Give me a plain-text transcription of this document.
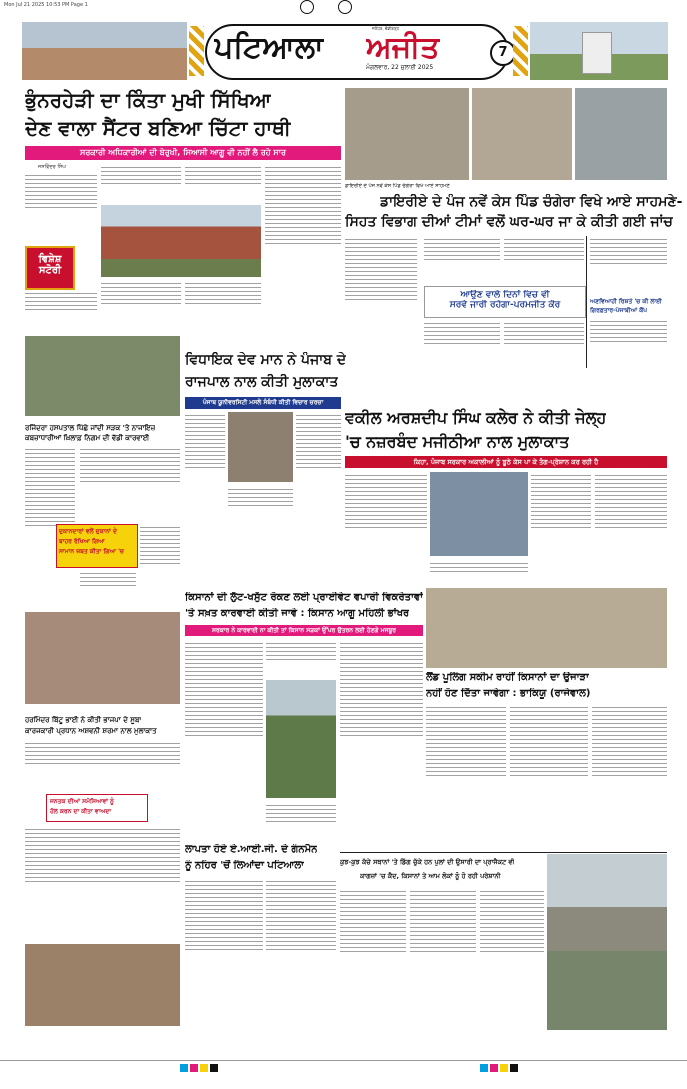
Mon Jul 21 2025 10:53 PM Page 1
ਪਟਿਆਲਾ ਅਜੀਤ
ਜਲੰਧਰ, ਚੰਡੀਗੜ੍ਹ
ਮੰਗਲਵਾਰ, 22 ਜੁਲਾਈ 2025
7
ਭੁੰਨਰਹੇੜੀ ਦਾ ਕਿੰਤਾ ਮੁਖੀ ਸਿੱਖਿਆ
ਦੇਣ ਵਾਲਾ ਸੈਂਟਰ ਬਣਿਆ ਚਿੱਟਾ ਹਾਥੀ
ਸਰਕਾਰੀ ਅਧਿਕਾਰੀਆਂ ਦੀ ਬੇਰੁਖੀ, ਸਿਆਸੀ ਆਗੂ ਵੀ ਨਹੀਂ ਲੈ ਰਹੇ ਸਾਰ
ਜਸਵਿੰਦਰ ਸਿੰਘ
ਵਿਸ਼ੇਸ਼
ਸਟੋਰੀ
ਡਾਇਰੀਏ ਦੇ ਪੰਜ ਨਵੇਂ ਕੇਸ ਪਿੰਡ ਚੰਗੇਰਾ ਵਿਖੇ ਆਏ ਸਾਹਮਣੇ
ਡਾਇਰੀਏ ਦੇ ਪੰਜ ਨਵੇਂ ਕੇਸ ਪਿੰਡ ਚੰਗੇਰਾ ਵਿਖੇ ਆਏ ਸਾਹਮਣੇ-
ਸਿਹਤ ਵਿਭਾਗ ਦੀਆਂ ਟੀਮਾਂ ਵਲੋਂ ਘਰ-ਘਰ ਜਾ ਕੇ ਕੀਤੀ ਗਈ ਜਾਂਚ
ਆਉਣ ਵਾਲੇ ਦਿਨਾਂ ਵਿਚ ਵੀ
ਸਰਵੇ ਜਾਰੀ ਰਹੇਗਾ-ਪਰਮਜੀਤ ਕੌਰ	ਅਣਵਿਆਹੀ ਰਿਸ਼ਤੇ 'ਚ ਕੀ ਲਾਈ
ਗਿਰਫ਼ਤਾਰ-ਪੰਜਾਬੀਆਂ ਕੈਂਪ
ਵਿਧਾਇਕ ਦੇਵ ਮਾਨ ਨੇ ਪੰਜਾਬ ਦੇ
ਰਾਜਪਾਲ ਨਾਲ ਕੀਤੀ ਮੁਲਾਕਾਤ
ਪੰਜਾਬ ਯੂਨੀਵਰਸਿਟੀ ਮਸਲੇ ਸੰਬੰਧੀ ਕੀਤੀ ਵਿਚਾਰ ਚਰਚਾ
ਰਜਿੰਦਰਾ ਹਸਪਤਾਲ ਪਿੱਛੇ ਜਾਂਦੀ ਸੜਕ 'ਤੇ ਨਾਜਾਇਜ਼
ਕਬਜ਼ਾਧਾਰੀਆਂ ਖ਼ਿਲਾਫ਼ ਨਿਗਮ ਦੀ ਵੱਡੀ ਕਾਰਵਾਈ
ਦੁਕਾਨਦਾਰਾਂ ਵਲੋਂ ਦੁਕਾਨਾਂ ਦੇ
ਬਾਹਰ ਰੱਖਿਆ ਗਿਆ
ਸਾਮਾਨ ਜ਼ਬਤ ਕੀਤਾ ਗਿਆ 'ਚ
ਵਕੀਲ ਅਰਸ਼ਦੀਪ ਸਿੰਘ ਕਲੇਰ ਨੇ ਕੀਤੀ ਜੇਲ੍ਹ
'ਚ ਨਜ਼ਰਬੰਦ ਮਜੀਠੀਆ ਨਾਲ ਮੁਲਾਕਾਤ
ਕਿਹਾ, ਪੰਜਾਬ ਸਰਕਾਰ ਅਕਾਲੀਆਂ ਨੂੰ ਝੂਠੇ ਕੇਸ ਪਾ ਕੇ ਤੰਗ-ਪ੍ਰੇਸ਼ਾਨ ਕਰ ਰਹੀ ਹੈ
ਕਿਸਾਨਾਂ ਦੀ ਲੁੱਟ-ਖਸੁੱਟ ਰੋਕਣ ਲਈ ਪ੍ਰਾਈਵੇਟ ਵਪਾਰੀ ਵਿਕਰੇਤਾਵਾਂ
'ਤੇ ਸਖ਼ਤ ਕਾਰਵਾਈ ਕੀਤੀ ਜਾਵੇ : ਕਿਸਾਨ ਆਗੂ ਮਹਿਲੀ ਭਾਂਖਰ
ਸਰਕਾਰ ਨੇ ਕਾਰਵਾਈ ਨਾ ਕੀਤੀ ਤਾਂ ਕਿਸਾਨ ਸੜਕਾਂ ਉੱਪਰ ਉਤਰਨ ਲਈ ਹੋਣਗੇ ਮਜਬੂਰ
ਲੈਂਡ ਪੂਲਿੰਗ ਸਕੀਮ ਰਾਹੀਂ ਕਿਸਾਨਾਂ ਦਾ ਉਜਾੜਾ
ਨਹੀਂ ਹੋਣ ਦਿੱਤਾ ਜਾਵੇਗਾ : ਭਾਕਿਯੂ (ਰਾਜੇਵਾਲ)
ਹਰਮਿੰਦਰ ਬਿੱਟੂ ਭਾਈ ਨੇ ਕੀਤੀ ਭਾਜਪਾ ਦੇ ਸੂਬਾ
ਕਾਰਜਕਾਰੀ ਪ੍ਰਧਾਨ ਅਸ਼ਵਨੀ ਸ਼ਰਮਾ ਨਾਲ ਮੁਲਾਕਾਤ
ਜਨਤਕ ਦੀਆਂ ਸਮੱਸਿਆਵਾਂ ਨੂੰ
ਹੱਲ ਕਰਨ ਦਾ ਕੀਤਾ ਵਾਅਦਾ
ਲਾਪਤਾ ਹੋਏ ਏ.ਆਈ.ਜੀ. ਦੇ ਗੰਨਮੈਨ
ਨੂੰ ਨਹਿਰ 'ਚੋਂ ਲਿਆਂਦਾ ਪਟਿਆਲਾ	ਕੁਝ-ਕੁਝ ਕੱਚੇ ਸਥਾਨਾਂ 'ਤੇ ਡਿੱਗ ਚੁੱਕੇ ਹਨ ਪੁਲਾਂ ਦੀ ਉਸਾਰੀ ਦਾ ਪ੍ਰਾਜੈਕਟ ਵੀ
ਕਾਗਜ਼ਾਂ 'ਚ ਕੈਦ, ਕਿਸਾਨਾਂ ਤੇ ਆਮ ਲੋਕਾਂ ਨੂੰ ਹੋ ਰਹੀ ਪਰੇਸ਼ਾਨੀ
